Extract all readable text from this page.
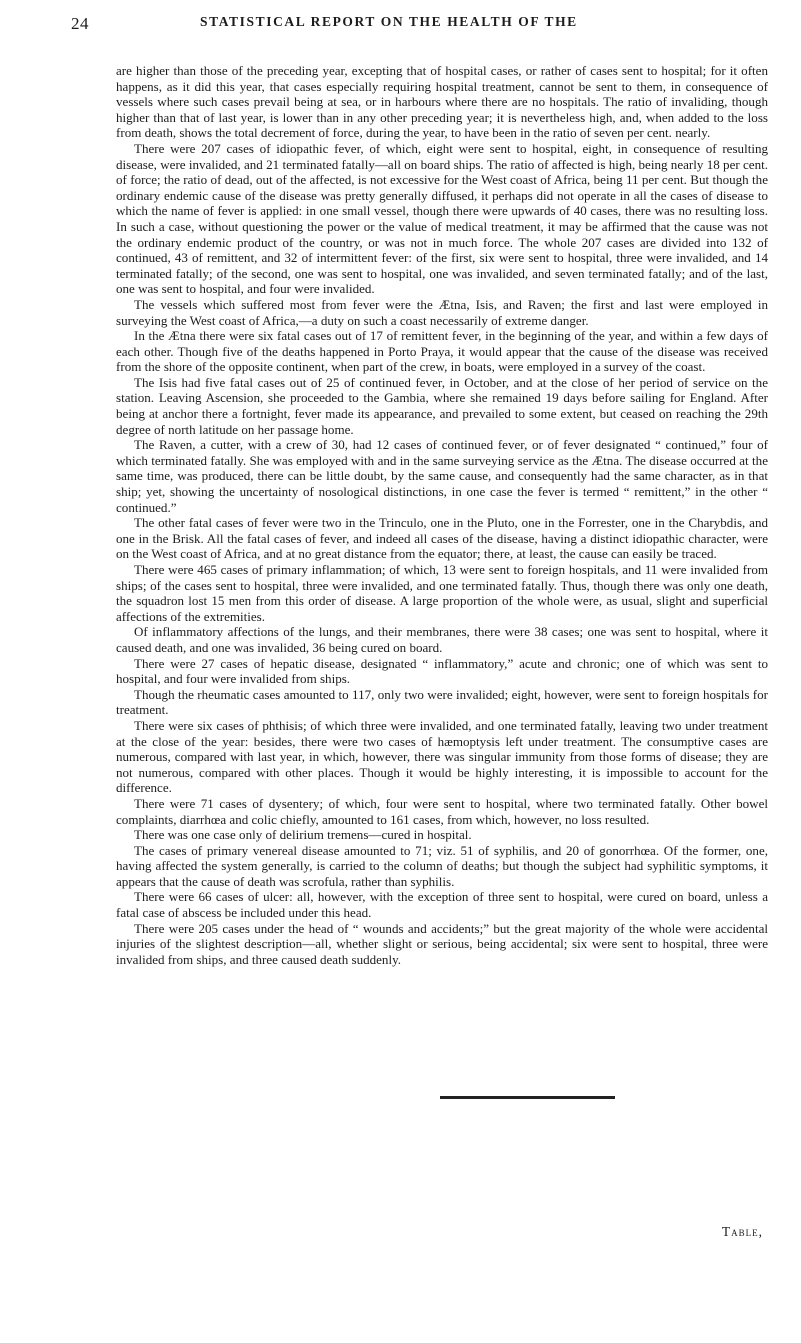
24	STATISTICAL REPORT ON THE HEALTH OF THE

are higher than those of the preceding year, excepting that of hospital cases, or rather of cases sent to hospital; for it often happens, as it did this year, that cases especially requiring hospital treatment, cannot be sent to them, in consequence of vessels where such cases prevail being at sea, or in harbours where there are no hospitals. The ratio of invaliding, though higher than that of last year, is lower than in any other preceding year; it is nevertheless high, and, when added to the loss from death, shows the total decrement of force, during the year, to have been in the ratio of seven per cent. nearly.

There were 207 cases of idiopathic fever, of which, eight were sent to hospital, eight, in consequence of resulting disease, were invalided, and 21 terminated fatally—all on board ships. The ratio of affected is high, being nearly 18 per cent. of force; the ratio of dead, out of the affected, is not excessive for the West coast of Africa, being 11 per cent. But though the ordinary endemic cause of the disease was pretty generally diffused, it perhaps did not operate in all the cases of disease to which the name of fever is applied: in one small vessel, though there were upwards of 40 cases, there was no resulting loss. In such a case, without questioning the power or the value of medical treatment, it may be affirmed that the cause was not the ordinary endemic product of the country, or was not in much force. The whole 207 cases are divided into 132 of continued, 43 of remittent, and 32 of intermittent fever: of the first, six were sent to hospital, three were invalided, and 14 terminated fatally; of the second, one was sent to hospital, one was invalided, and seven terminated fatally; and of the last, one was sent to hospital, and four were invalided.

The vessels which suffered most from fever were the Ætna, Isis, and Raven; the first and last were employed in surveying the West coast of Africa,—a duty on such a coast necessarily of extreme danger.

In the Ætna there were six fatal cases out of 17 of remittent fever, in the beginning of the year, and within a few days of each other. Though five of the deaths happened in Porto Praya, it would appear that the cause of the disease was received from the shore of the opposite continent, when part of the crew, in boats, were employed in a survey of the coast.

The Isis had five fatal cases out of 25 of continued fever, in October, and at the close of her period of service on the station. Leaving Ascension, she proceeded to the Gambia, where she remained 19 days before sailing for England. After being at anchor there a fortnight, fever made its appearance, and prevailed to some extent, but ceased on reaching the 29th degree of north latitude on her passage home.

The Raven, a cutter, with a crew of 30, had 12 cases of continued fever, or of fever designated “ continued,” four of which terminated fatally. She was employed with and in the same surveying service as the Ætna. The disease occurred at the same time, was produced, there can be little doubt, by the same cause, and consequently had the same character, as in that ship; yet, showing the uncertainty of nosological distinctions, in one case the fever is termed “ remittent,” in the other “ continued.”

The other fatal cases of fever were two in the Trinculo, one in the Pluto, one in the Forrester, one in the Charybdis, and one in the Brisk. All the fatal cases of fever, and indeed all cases of the disease, having a distinct idiopathic character, were on the West coast of Africa, and at no great distance from the equator; there, at least, the cause can easily be traced.

There were 465 cases of primary inflammation; of which, 13 were sent to foreign hospitals, and 11 were invalided from ships; of the cases sent to hospital, three were invalided, and one terminated fatally. Thus, though there was only one death, the squadron lost 15 men from this order of disease. A large proportion of the whole were, as usual, slight and superficial affections of the extremities.

Of inflammatory affections of the lungs, and their membranes, there were 38 cases; one was sent to hospital, where it caused death, and one was invalided, 36 being cured on board.

There were 27 cases of hepatic disease, designated “ inflammatory,” acute and chronic; one of which was sent to hospital, and four were invalided from ships.

Though the rheumatic cases amounted to 117, only two were invalided; eight, however, were sent to foreign hospitals for treatment.

There were six cases of phthisis; of which three were invalided, and one terminated fatally, leaving two under treatment at the close of the year: besides, there were two cases of hæmoptysis left under treatment. The consumptive cases are numerous, compared with last year, in which, however, there was singular immunity from those forms of disease; they are not numerous, compared with other places. Though it would be highly interesting, it is impossible to account for the difference.

There were 71 cases of dysentery; of which, four were sent to hospital, where two terminated fatally. Other bowel complaints, diarrhœa and colic chiefly, amounted to 161 cases, from which, however, no loss resulted.

There was one case only of delirium tremens—cured in hospital.

The cases of primary venereal disease amounted to 71; viz. 51 of syphilis, and 20 of gonorrhœa. Of the former, one, having affected the system generally, is carried to the column of deaths; but though the subject had syphilitic symptoms, it appears that the cause of death was scrofula, rather than syphilis.

There were 66 cases of ulcer: all, however, with the exception of three sent to hospital, were cured on board, unless a fatal case of abscess be included under this head.

There were 205 cases under the head of “ wounds and accidents;” but the great majority of the whole were accidental injuries of the slightest description—all, whether slight or serious, being accidental; six were sent to hospital, three were invalided from ships, and three caused death suddenly.

Table,
